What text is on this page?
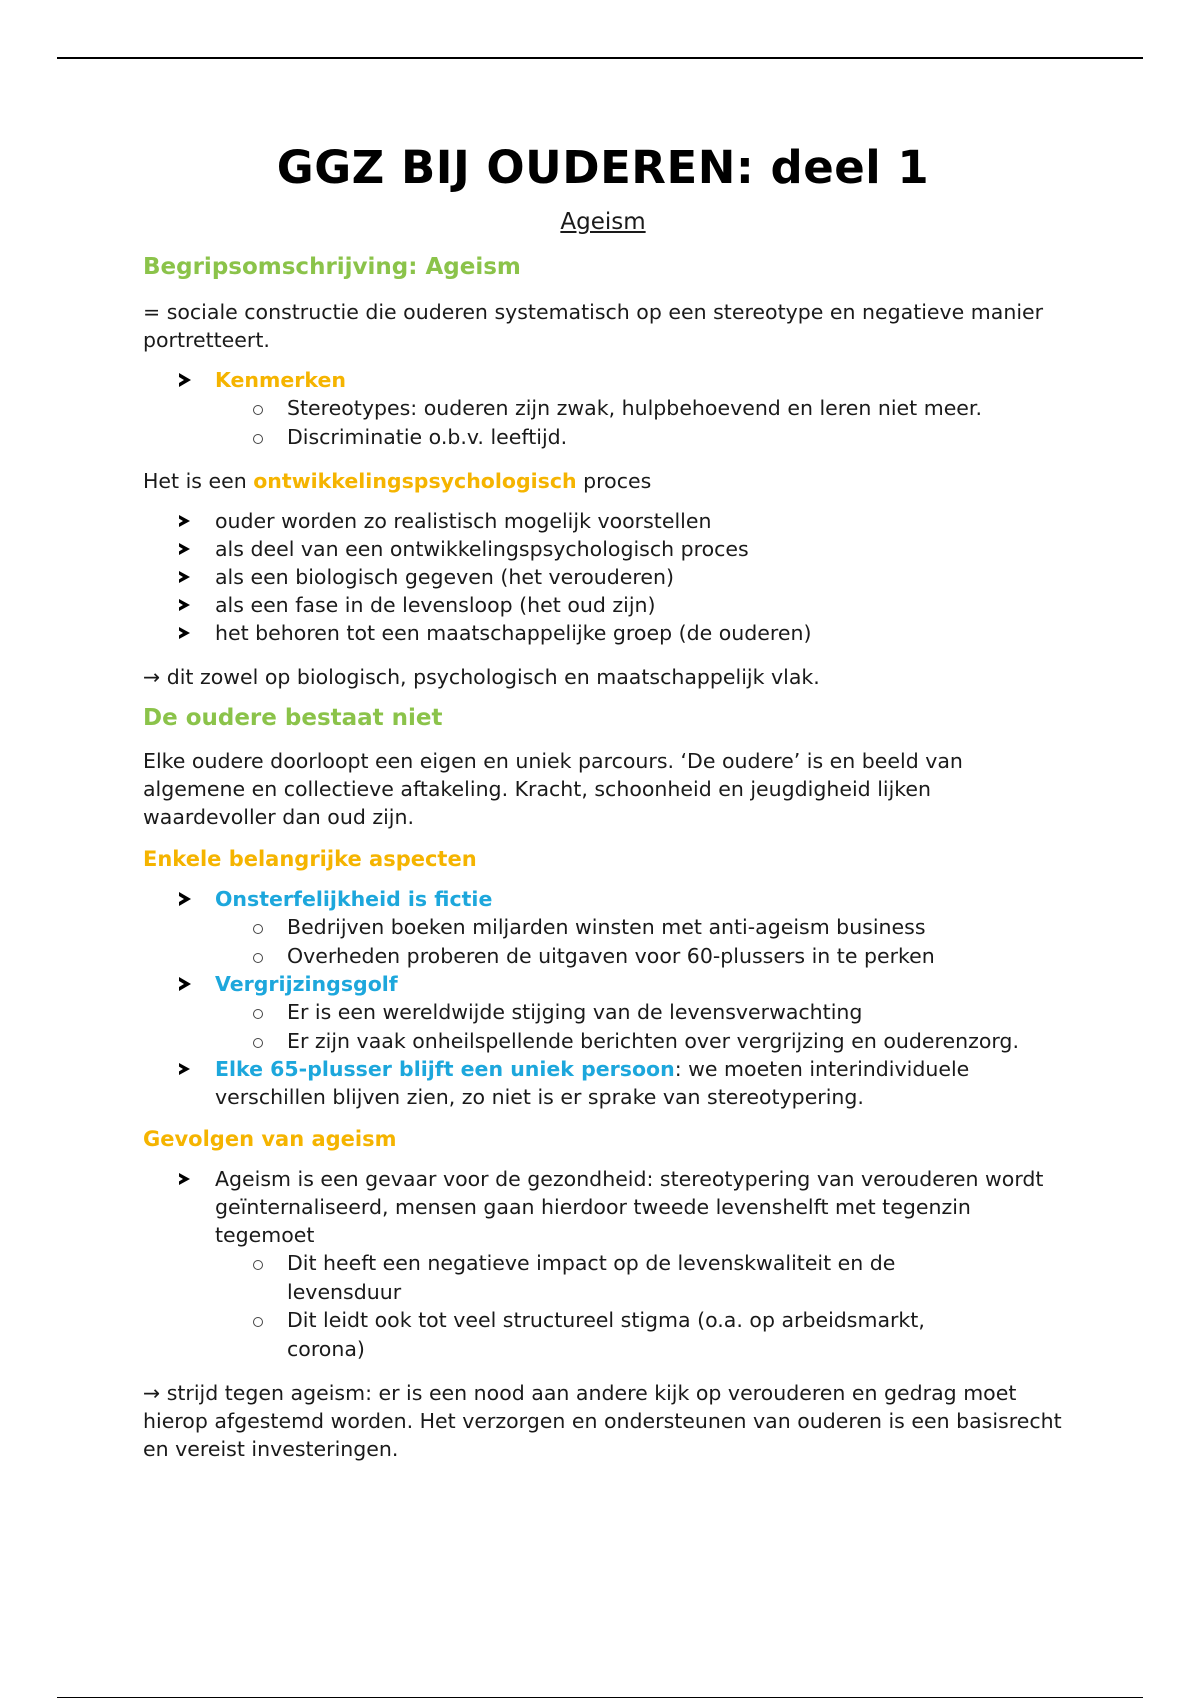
GGZ BIJ OUDEREN: deel 1
Ageism
Begripsomschrijving: Ageism

= sociale constructie die ouderen systematisch op een stereotype en negatieve manier portretteert.

Kenmerken
Stereotypes: ouderen zijn zwak, hulpbehoevend en leren niet meer.
Discriminatie o.b.v. leeftijd.

Het is een ontwikkelingspsychologisch proces

ouder worden zo realistisch mogelijk voorstellen
als deel van een ontwikkelingspsychologisch proces
als een biologisch gegeven (het verouderen)
als een fase in de levensloop (het oud zijn)
het behoren tot een maatschappelijke groep (de ouderen)

→ dit zowel op biologisch, psychologisch en maatschappelijk vlak.

De oudere bestaat niet

Elke oudere doorloopt een eigen en uniek parcours. ‘De oudere’ is en beeld van algemene en collectieve aftakeling. Kracht, schoonheid en jeugdigheid lijken waardevoller dan oud zijn.

Enkele belangrijke aspecten
Onsterfelijkheid is fictie
Bedrijven boeken miljarden winsten met anti-ageism business
Overheden proberen de uitgaven voor 60-plussers in te perken
Vergrijzingsgolf
Er is een wereldwijde stijging van de levensverwachting
Er zijn vaak onheilspellende berichten over vergrijzing en ouderenzorg.
Elke 65-plusser blijft een uniek persoon: we moeten interindividuele verschillen blijven zien, zo niet is er sprake van stereotypering.
Gevolgen van ageism
Ageism is een gevaar voor de gezondheid: stereotypering van verouderen wordt geïnternaliseerd, mensen gaan hierdoor tweede levenshelft met tegenzin tegemoet
Dit heeft een negatieve impact op de levenskwaliteit en de levensduur
Dit leidt ook tot veel structureel stigma (o.a. op arbeidsmarkt, corona)

→ strijd tegen ageism: er is een nood aan andere kijk op verouderen en gedrag moet hierop afgestemd worden. Het verzorgen en ondersteunen van ouderen is een basisrecht en vereist investeringen.
